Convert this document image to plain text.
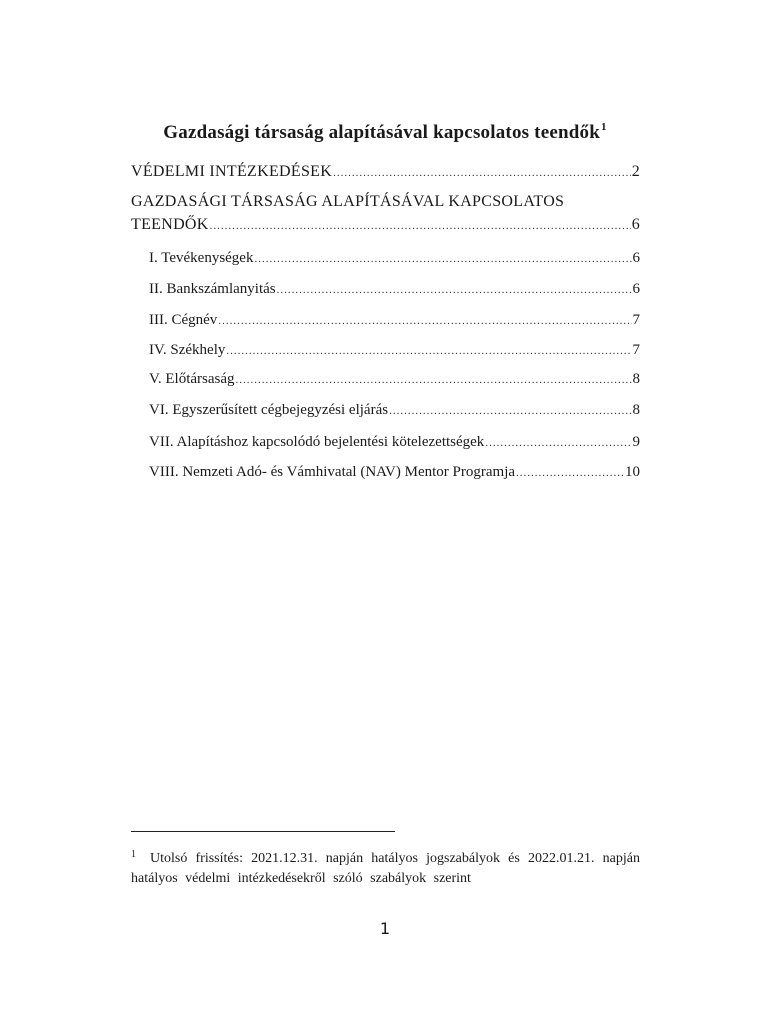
Gazdasági társaság alapításával kapcsolatos teendők$^1$
VÉDELMI INTÉZKEDÉSEK .....	2
GAZDASÁGI TÁRSASÁG ALAPÍTÁSÁVAL KAPCSOLATOS
TEENDŐK .....	6
I. Tevékenységek .....	6
II. Bankszámlanyitás .....	6
III. Cégnév .....	7
IV. Székhely .....	7
V. Előtársaság .....	8
VI. Egyszerűsített cégbejegyzési eljárás .....	8
VII. Alapításhoz kapcsolódó bejelentési kötelezettségek .....	9
VIII. Nemzeti Adó- és Vámhivatal (NAV) Mentor Programja .....	10
$^1$ Utolsó frissítés: 2021.12.31. napján hatályos jogszabályok és 2022.01.21. napján hatályos védelmi intézkedésekről szóló szabályok szerint
1
